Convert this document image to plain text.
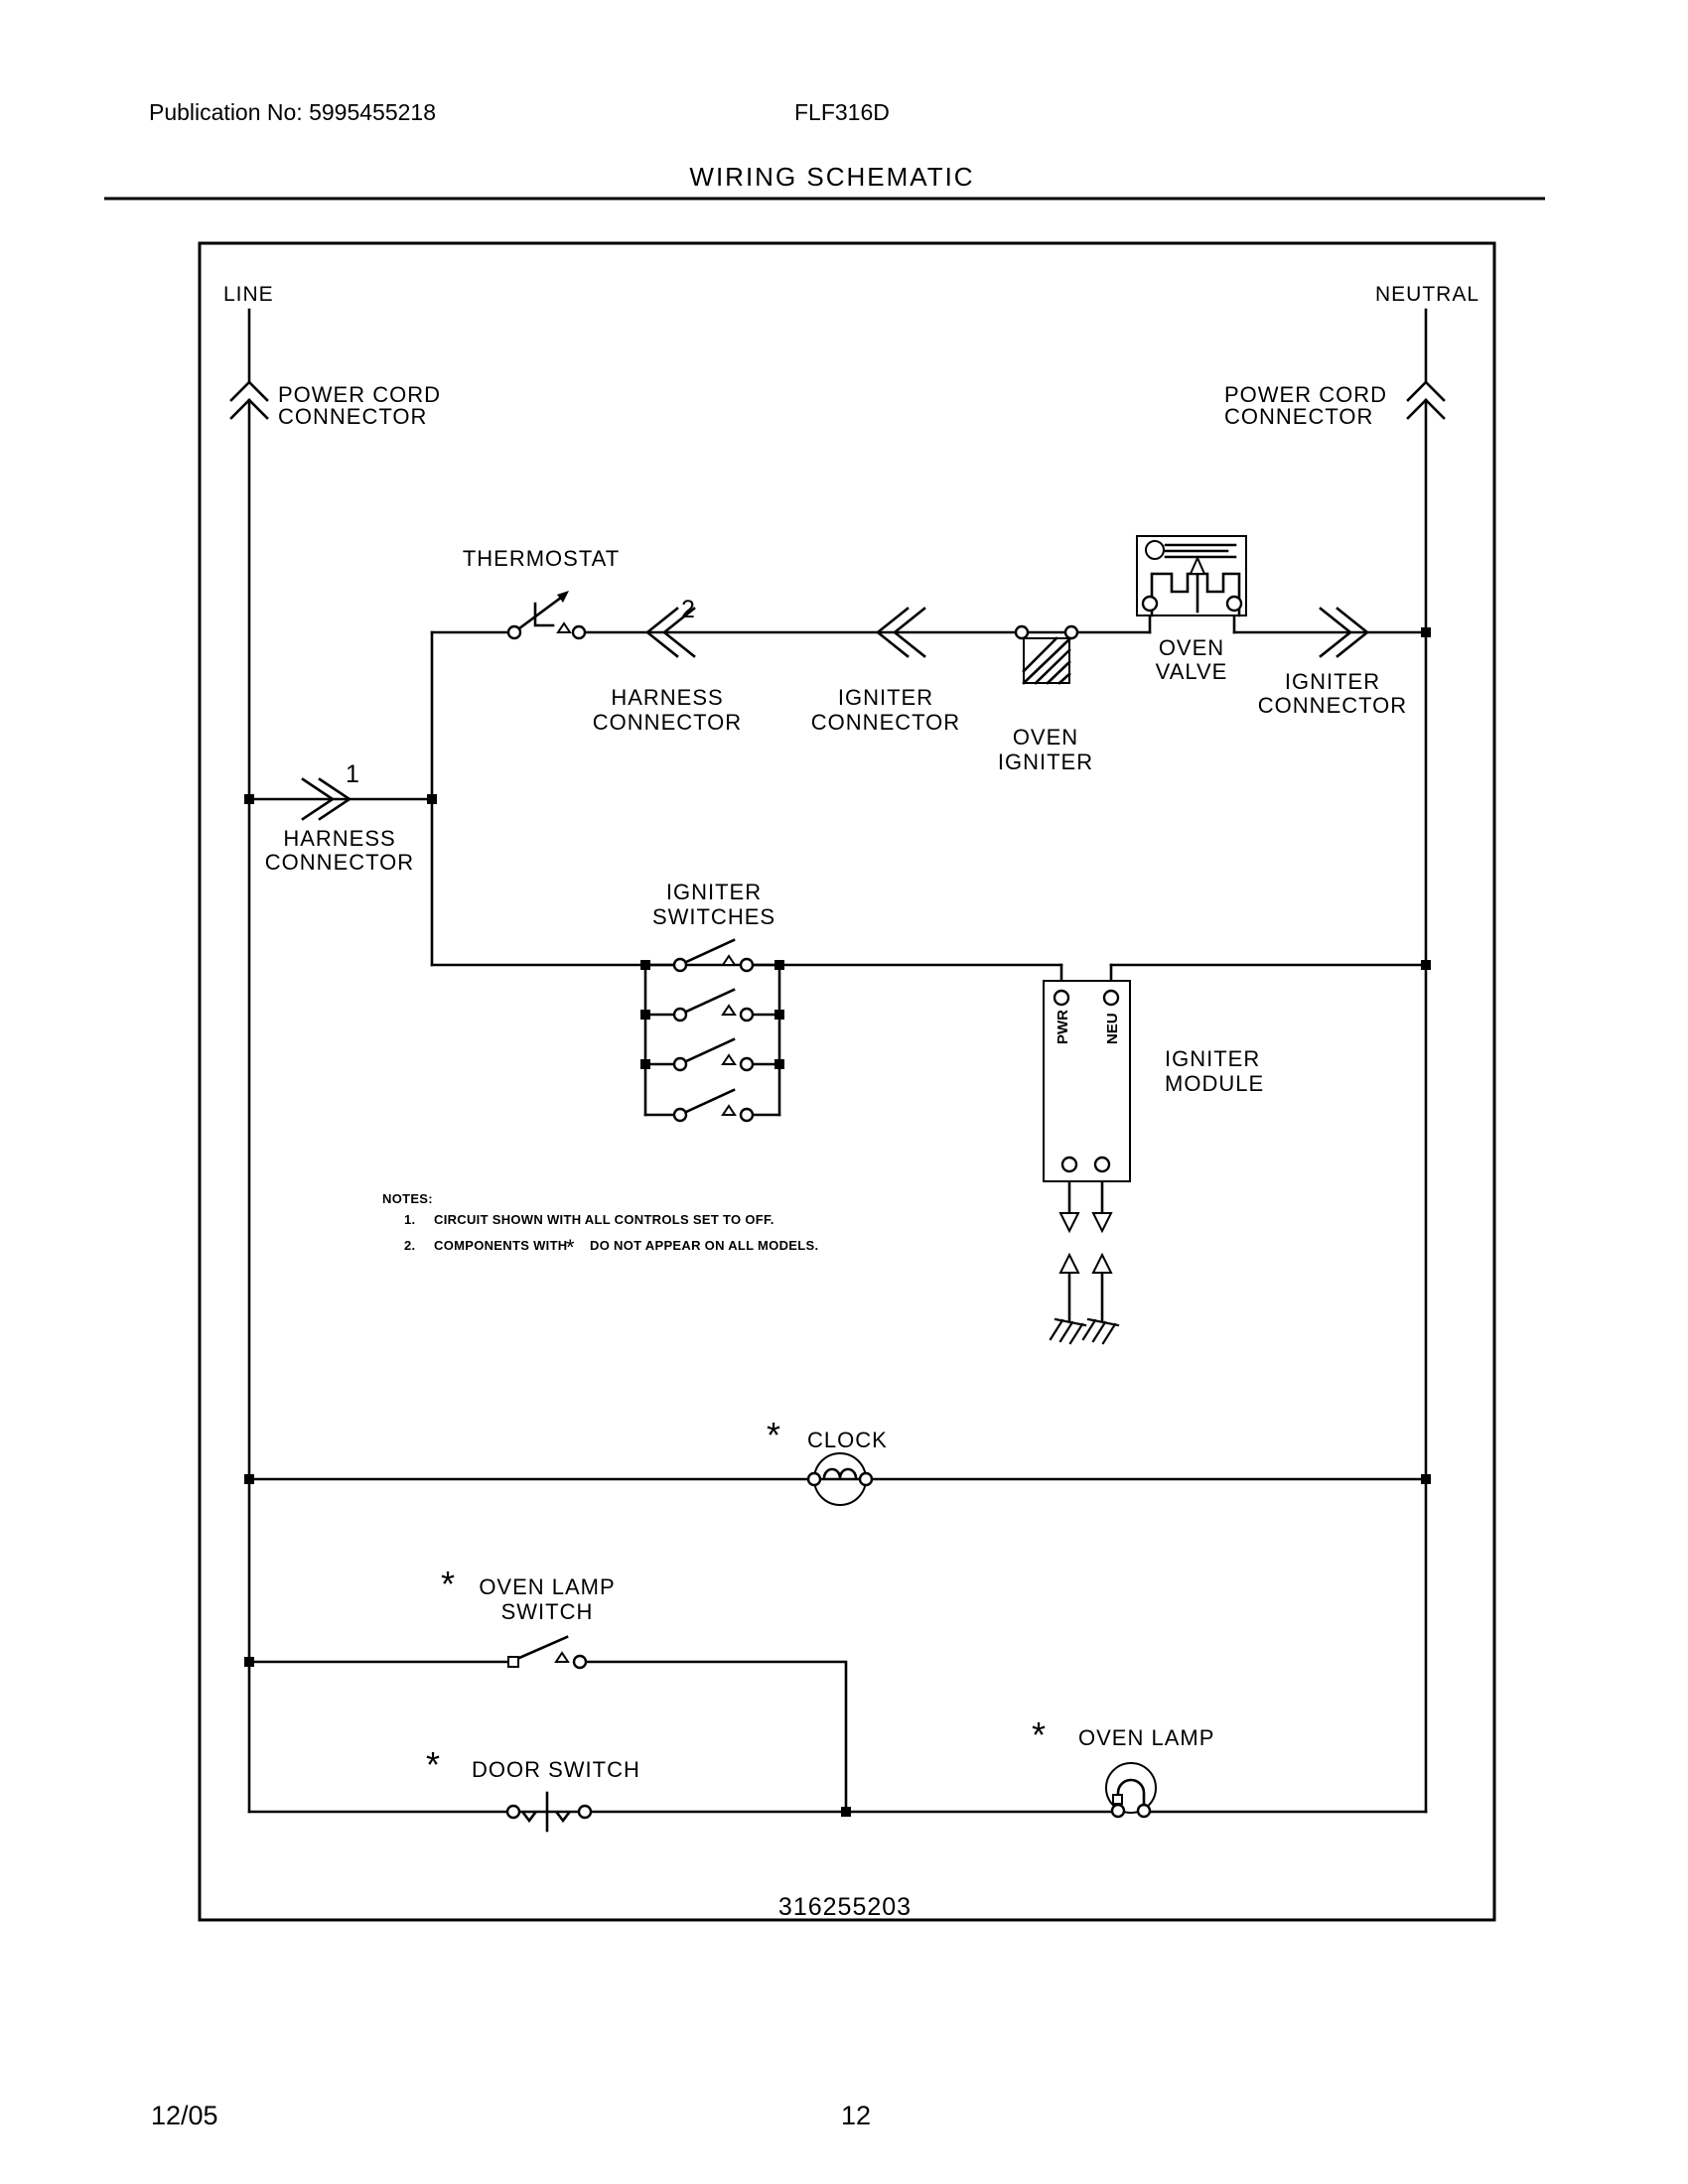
Publication No: 5995455218	FLF316D
WIRING SCHEMATIC
LINE
POWER CORD
CONNECTOR
NEUTRAL
POWER CORD
CONNECTOR
THERMOSTAT
2
HARNESS
CONNECTOR
IGNITER
CONNECTOR
OVEN
IGNITER
OVEN
VALVE	IGNITER
CONNECTOR
1
HARNESS
CONNECTOR
IGNITER
SWITCHES
PWR NEU
IGNITER
MODULE
NOTES:
1. CIRCUIT SHOWN WITH ALL CONTROLS SET TO OFF.
2. COMPONENTS WITH
* DO NOT APPEAR ON ALL MODELS.
* CLOCK
* OVEN LAMP
SWITCH
* DOOR SWITCH
* OVEN LAMP
316255203
12/05	12
